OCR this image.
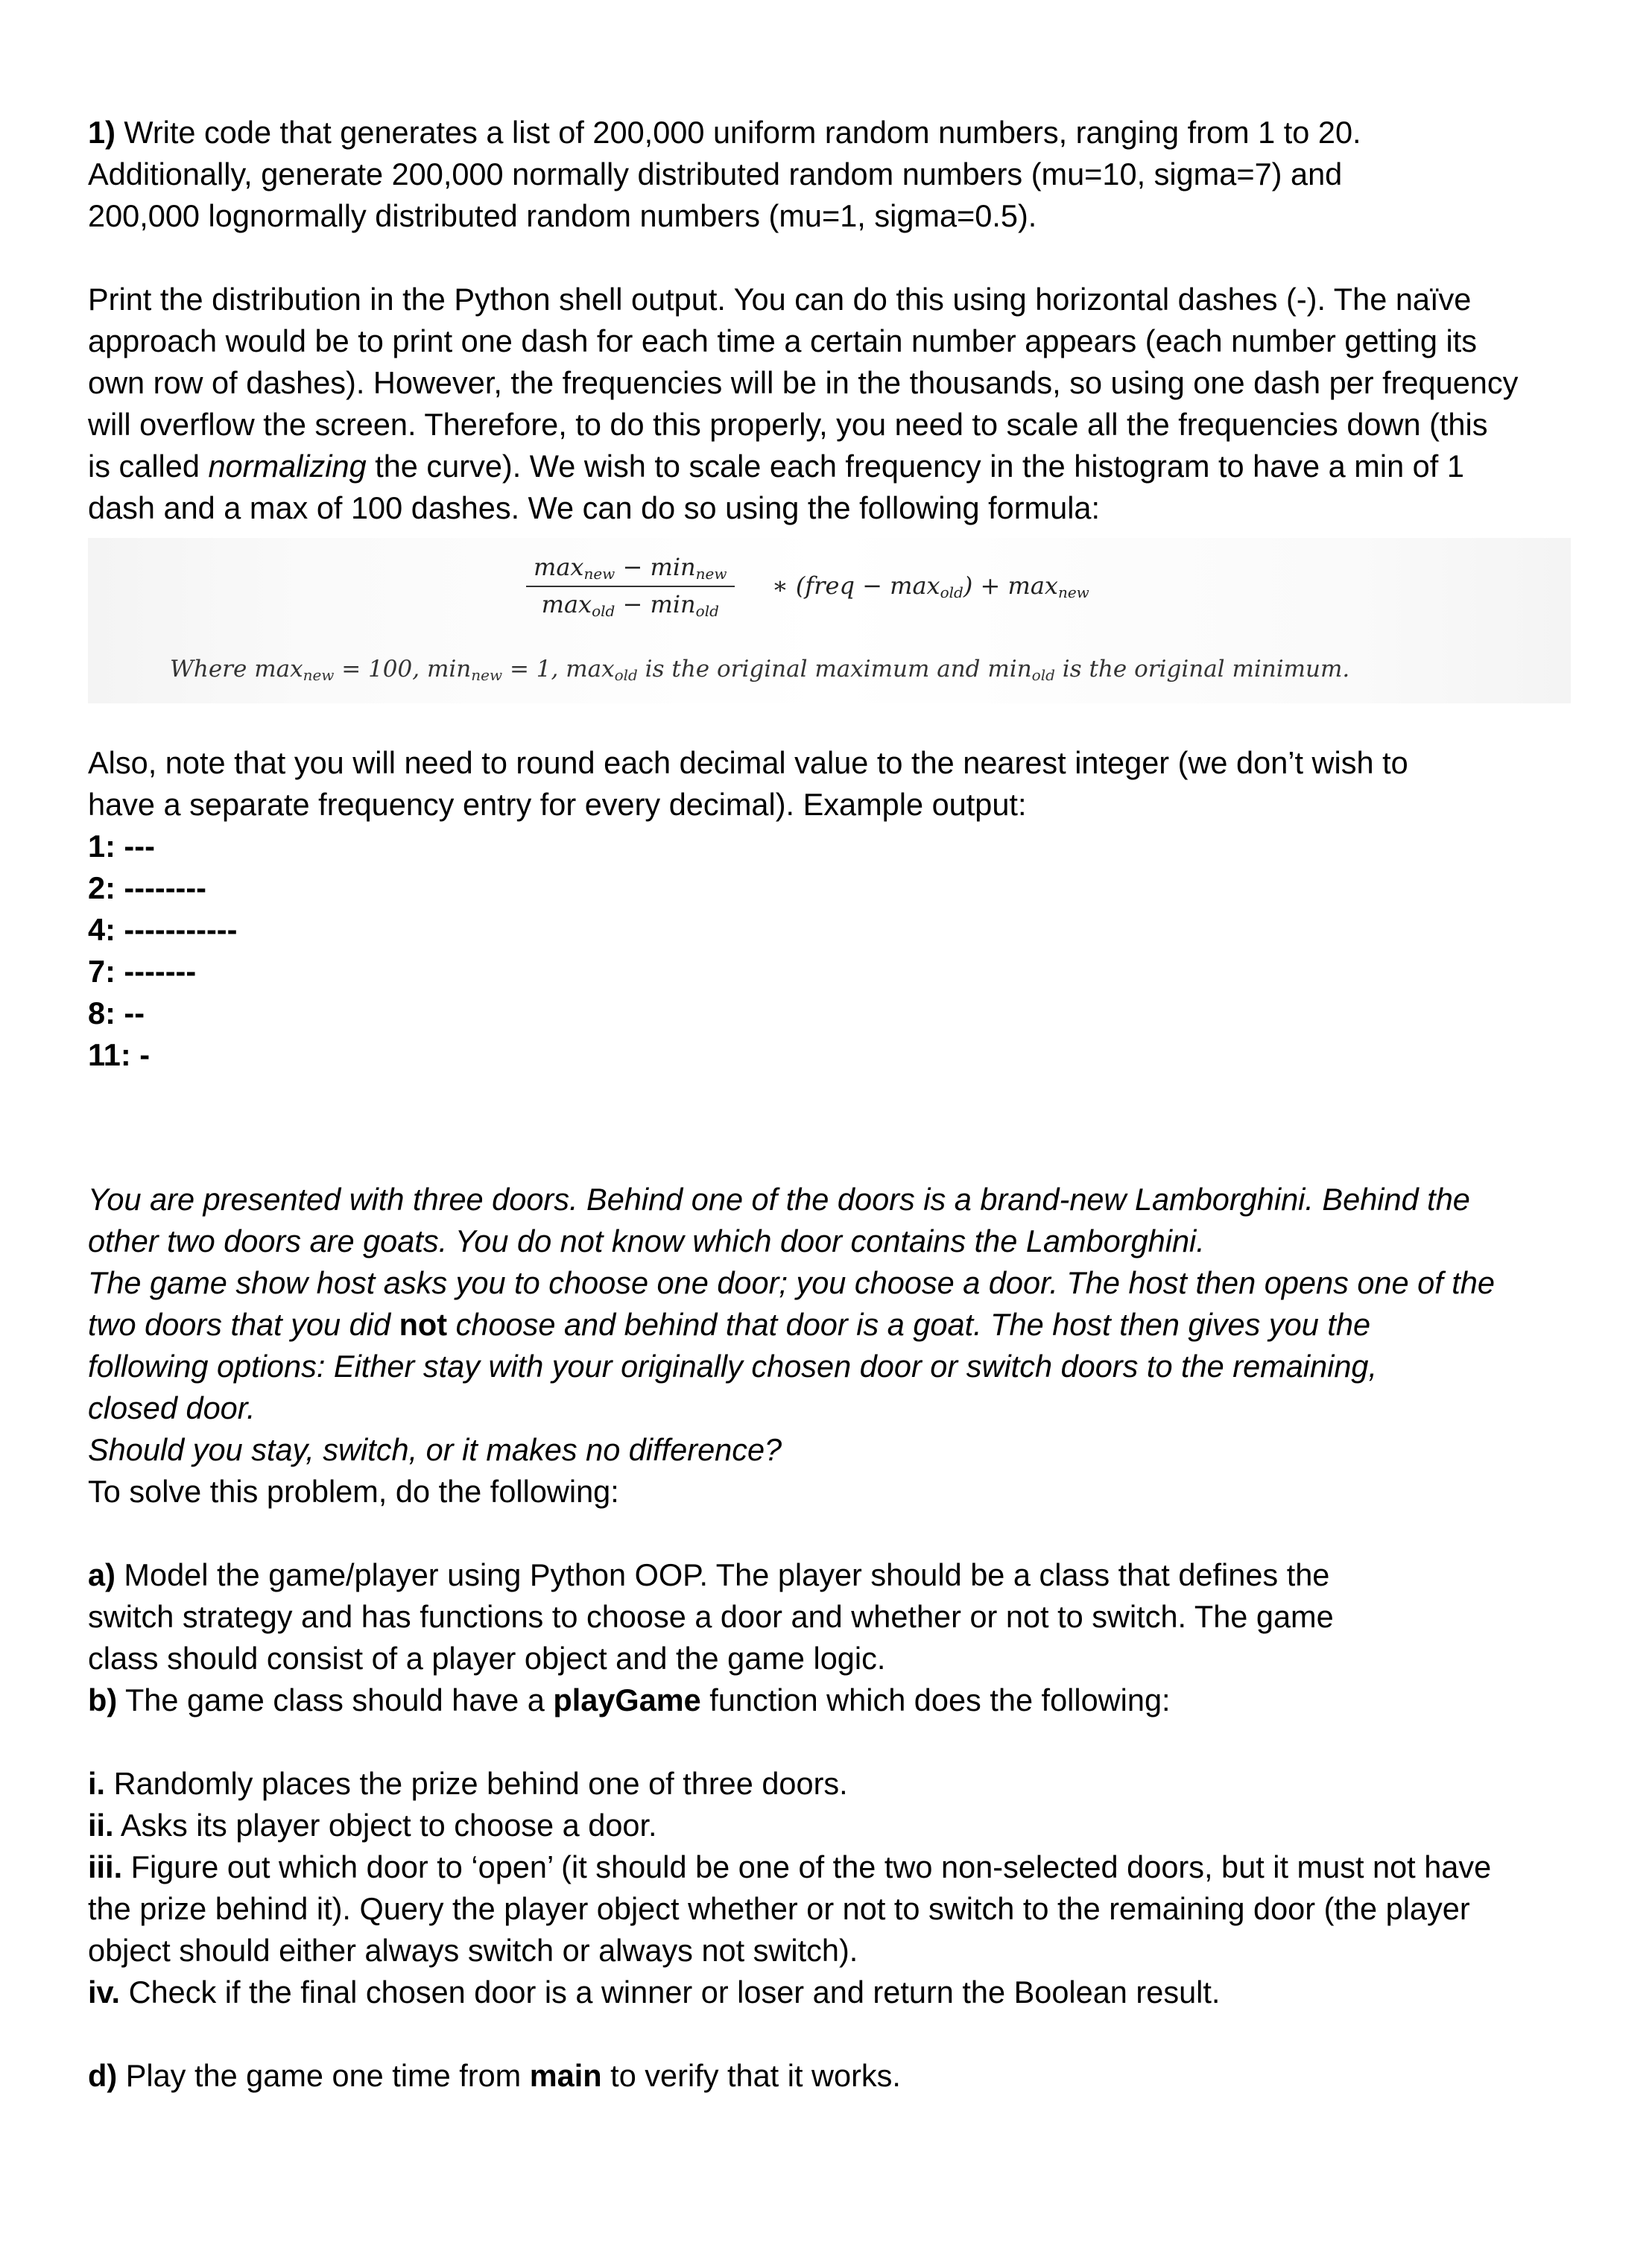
1) Write code that generates a list of 200,000 uniform random numbers, ranging from 1 to 20.

Additionally, generate 200,000 normally distributed random numbers (mu=10, sigma=7) and

200,000 lognormally distributed random numbers (mu=1, sigma=0.5).

Print the distribution in the Python shell output. You can do this using horizontal dashes (-). The naïve

approach would be to print one dash for each time a certain number appears (each number getting its

own row of dashes). However, the frequencies will be in the thousands, so using one dash per frequency

will overflow the screen. Therefore, to do this properly, you need to scale all the frequencies down (this

is called normalizing the curve). We wish to scale each frequency in the histogram to have a min of 1

dash and a max of 100 dashes. We can do so using the following formula:

$\max_{new} - \min_{new}$
$\max_{old} - \min_{old}$
∗ (freq − $\max_{old}) + \max_{new}$
Where $\max_{new} = 100$, $\min_{new} = 1$, $\max_{old}$ is the original maximum and $\min_{old}$ is the original minimum.

Also, note that you will need to round each decimal value to the nearest integer (we don’t wish to

have a separate frequency entry for every decimal). Example output:

1: ---

2: --------

4: -----------

7: -------

8: --

11: -

You are presented with three doors. Behind one of the doors is a brand-new Lamborghini. Behind the

other two doors are goats. You do not know which door contains the Lamborghini.

The game show host asks you to choose one door; you choose a door. The host then opens one of the

two doors that you did not choose and behind that door is a goat. The host then gives you the

following options: Either stay with your originally chosen door or switch doors to the remaining,

closed door.

Should you stay, switch, or it makes no difference?

To solve this problem, do the following:

a) Model the game/player using Python OOP. The player should be a class that defines the

switch strategy and has functions to choose a door and whether or not to switch. The game

class should consist of a player object and the game logic.

b) The game class should have a playGame function which does the following:

i. Randomly places the prize behind one of three doors.

ii. Asks its player object to choose a door.

iii. Figure out which door to ‘open’ (it should be one of the two non-selected doors, but it must not have

the prize behind it). Query the player object whether or not to switch to the remaining door (the player

object should either always switch or always not switch).

iv. Check if the final chosen door is a winner or loser and return the Boolean result.

d) Play the game one time from main to verify that it works.
